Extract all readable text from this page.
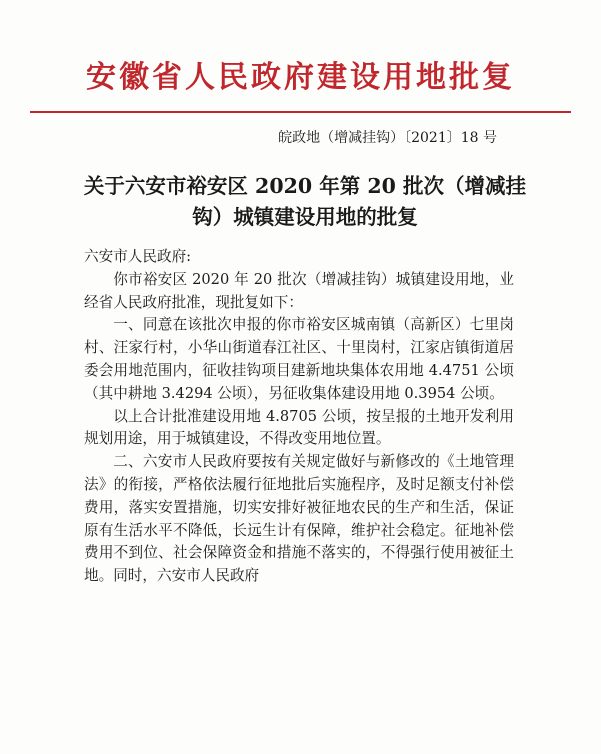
安徽省人民政府建设用地批复
皖政地（增减挂钩）〔2021〕18 号
关于六安市裕安区 2020 年第 20 批次（增减挂钩）城镇建设用地的批复

六安市人民政府:

你市裕安区 2020 年 20 批次（增减挂钩）城镇建设用地，业经省人民政府批准，现批复如下：

一、同意在该批次申报的你市裕安区城南镇（高新区）七里岗村、汪家行村，小华山街道春江社区、十里岗村，江家店镇街道居委会用地范围内，征收挂钩项目建新地块集体农用地 4.4751 公顷（其中耕地 3.4294 公顷），另征收集体建设用地 0.3954 公顷。

以上合计批准建设用地 4.8705 公顷，按呈报的土地开发利用规划用途，用于城镇建设，不得改变用地位置。

二、六安市人民政府要按有关规定做好与新修改的《土地管理法》的衔接，严格依法履行征地批后实施程序，及时足额支付补偿费用，落实安置措施，切实安排好被征地农民的生产和生活，保证原有生活水平不降低，长远生计有保障，维护社会稳定。征地补偿费用不到位、社会保障资金和措施不落实的，不得强行使用被征土地。同时，六安市人民政府
